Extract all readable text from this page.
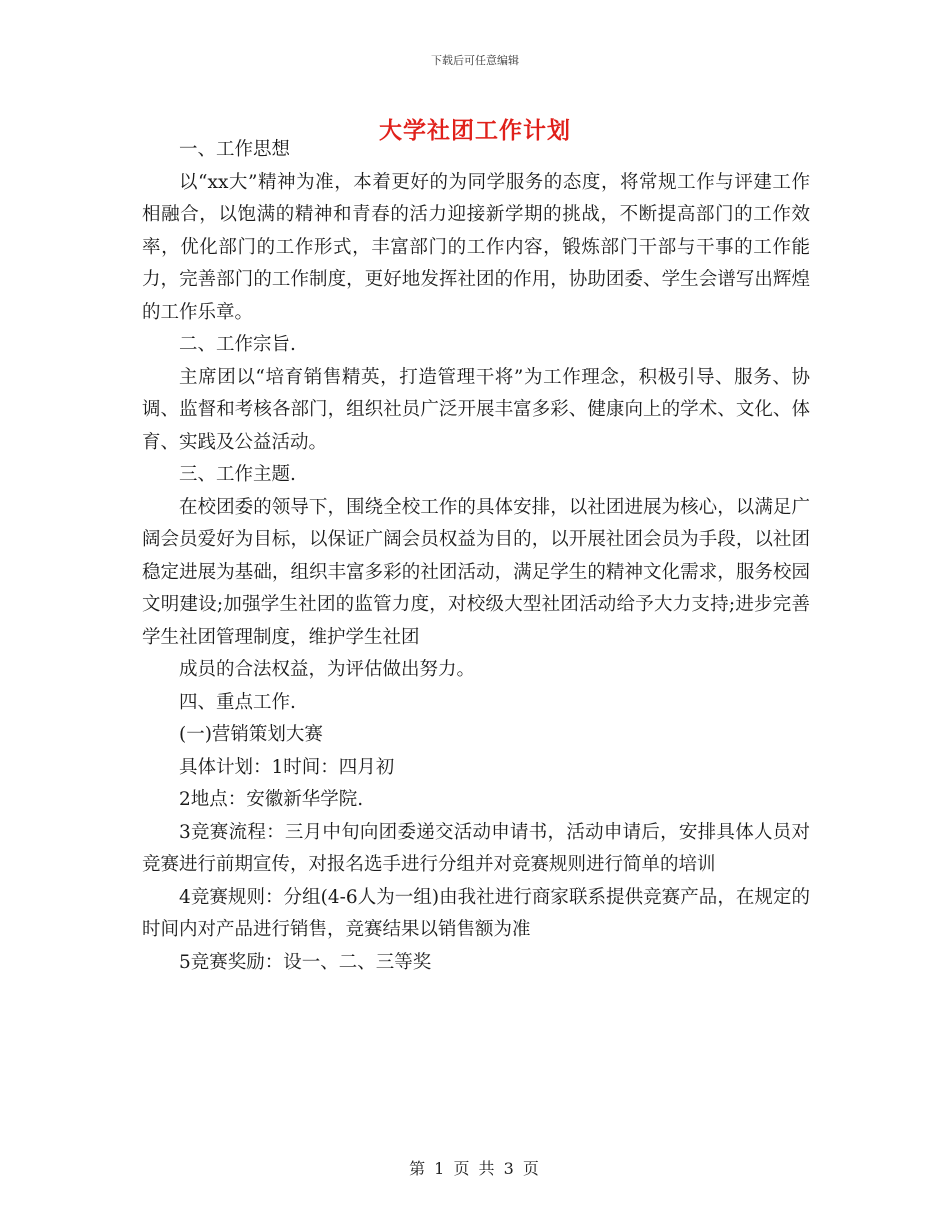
下载后可任意编辑
大学社团工作计划

一、工作思想

以“xx大”精神为准，本着更好的为同学服务的态度，将常规工作与评建工作相融合，以饱满的精神和青春的活力迎接新学期的挑战，不断提高部门的工作效率，优化部门的工作形式，丰富部门的工作内容，锻炼部门干部与干事的工作能力，完善部门的工作制度，更好地发挥社团的作用，协助团委、学生会谱写出辉煌的工作乐章。

二、工作宗旨.

主席团以“培育销售精英，打造管理干将”为工作理念，积极引导、服务、协调、监督和考核各部门，组织社员广泛开展丰富多彩、健康向上的学术、文化、体育、实践及公益活动。

三、工作主题.

在校团委的领导下，围绕全校工作的具体安排，以社团进展为核心，以满足广阔会员爱好为目标，以保证广阔会员权益为目的，以开展社团会员为手段，以社团稳定进展为基础，组织丰富多彩的社团活动，满足学生的精神文化需求，服务校园文明建设;加强学生社团的监管力度，对校级大型社团活动给予大力支持;进步完善学生社团管理制度，维护学生社团

成员的合法权益，为评估做出努力。

四、重点工作.

(一)营销策划大赛

具体计划：1时间：四月初

2地点：安徽新华学院.

3竞赛流程：三月中旬向团委递交活动申请书，活动申请后，安排具体人员对竞赛进行前期宣传，对报名选手进行分组并对竞赛规则进行简单的培训

4竞赛规则：分组(4-6人为一组)由我社进行商家联系提供竞赛产品，在规定的时间内对产品进行销售，竞赛结果以销售额为准

5竞赛奖励：设一、二、三等奖

第 1 页 共 3 页
